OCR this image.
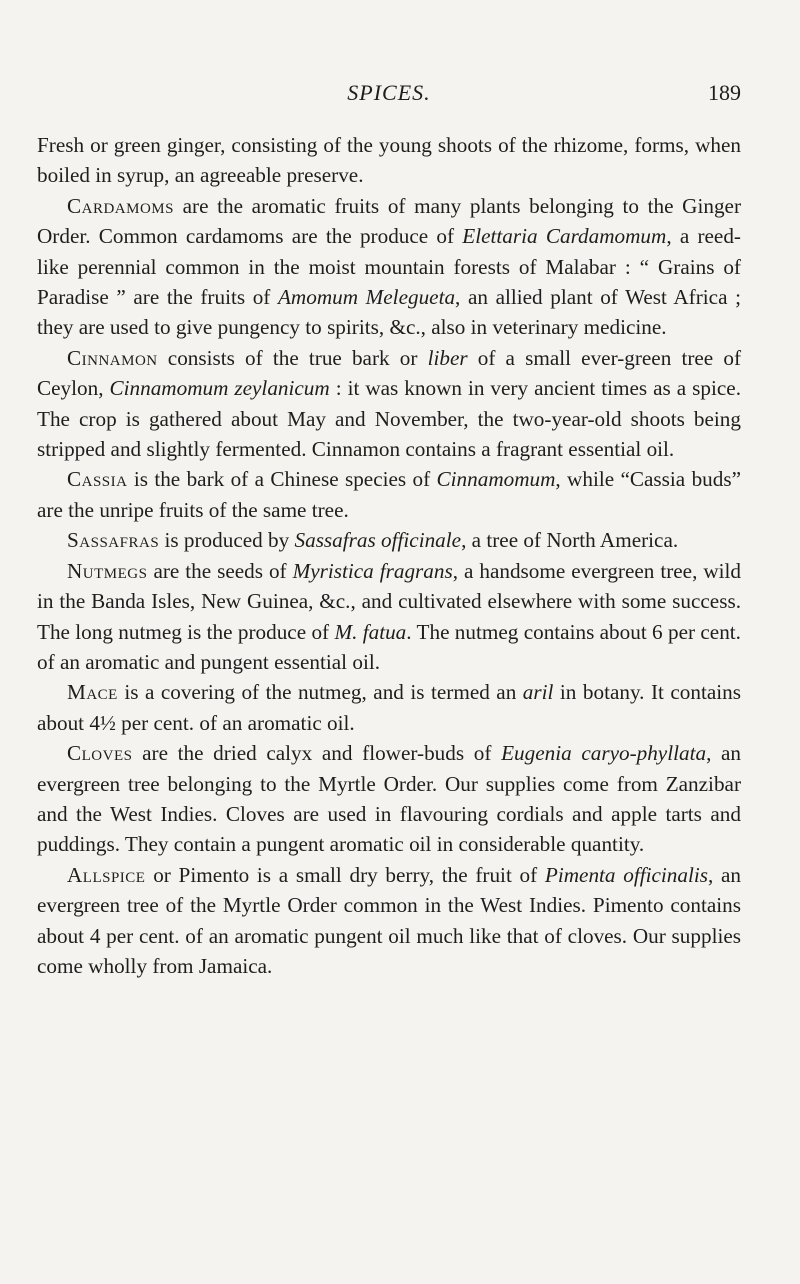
SPICES.	189

Fresh or green ginger, consisting of the young shoots of the rhizome, forms, when boiled in syrup, an agreeable preserve.

Cardamoms are the aromatic fruits of many plants belonging to the Ginger Order. Common cardamoms are the produce of Elettaria Cardamomum, a reed-like perennial common in the moist mountain forests of Malabar : “ Grains of Paradise ” are the fruits of Amomum Melegueta, an allied plant of West Africa ; they are used to give pungency to spirits, &c., also in veterinary medicine.

Cinnamon consists of the true bark or liber of a small ever-green tree of Ceylon, Cinnamomum zeylanicum : it was known in very ancient times as a spice. The crop is gathered about May and November, the two-year-old shoots being stripped and slightly fermented. Cinnamon contains a fragrant essential oil.

Cassia is the bark of a Chinese species of Cinnamomum, while “Cassia buds” are the unripe fruits of the same tree.

Sassafras is produced by Sassafras officinale, a tree of North America.

Nutmegs are the seeds of Myristica fragrans, a handsome evergreen tree, wild in the Banda Isles, New Guinea, &c., and cultivated elsewhere with some success. The long nutmeg is the produce of M. fatua. The nutmeg contains about 6 per cent. of an aromatic and pungent essential oil.

Mace is a covering of the nutmeg, and is termed an aril in botany. It contains about 4½ per cent. of an aromatic oil.

Cloves are the dried calyx and flower-buds of Eugenia caryo-phyllata, an evergreen tree belonging to the Myrtle Order. Our supplies come from Zanzibar and the West Indies. Cloves are used in flavouring cordials and apple tarts and puddings. They contain a pungent aromatic oil in considerable quantity.

Allspice or Pimento is a small dry berry, the fruit of Pimenta officinalis, an evergreen tree of the Myrtle Order common in the West Indies. Pimento contains about 4 per cent. of an aromatic pungent oil much like that of cloves. Our supplies come wholly from Jamaica.
